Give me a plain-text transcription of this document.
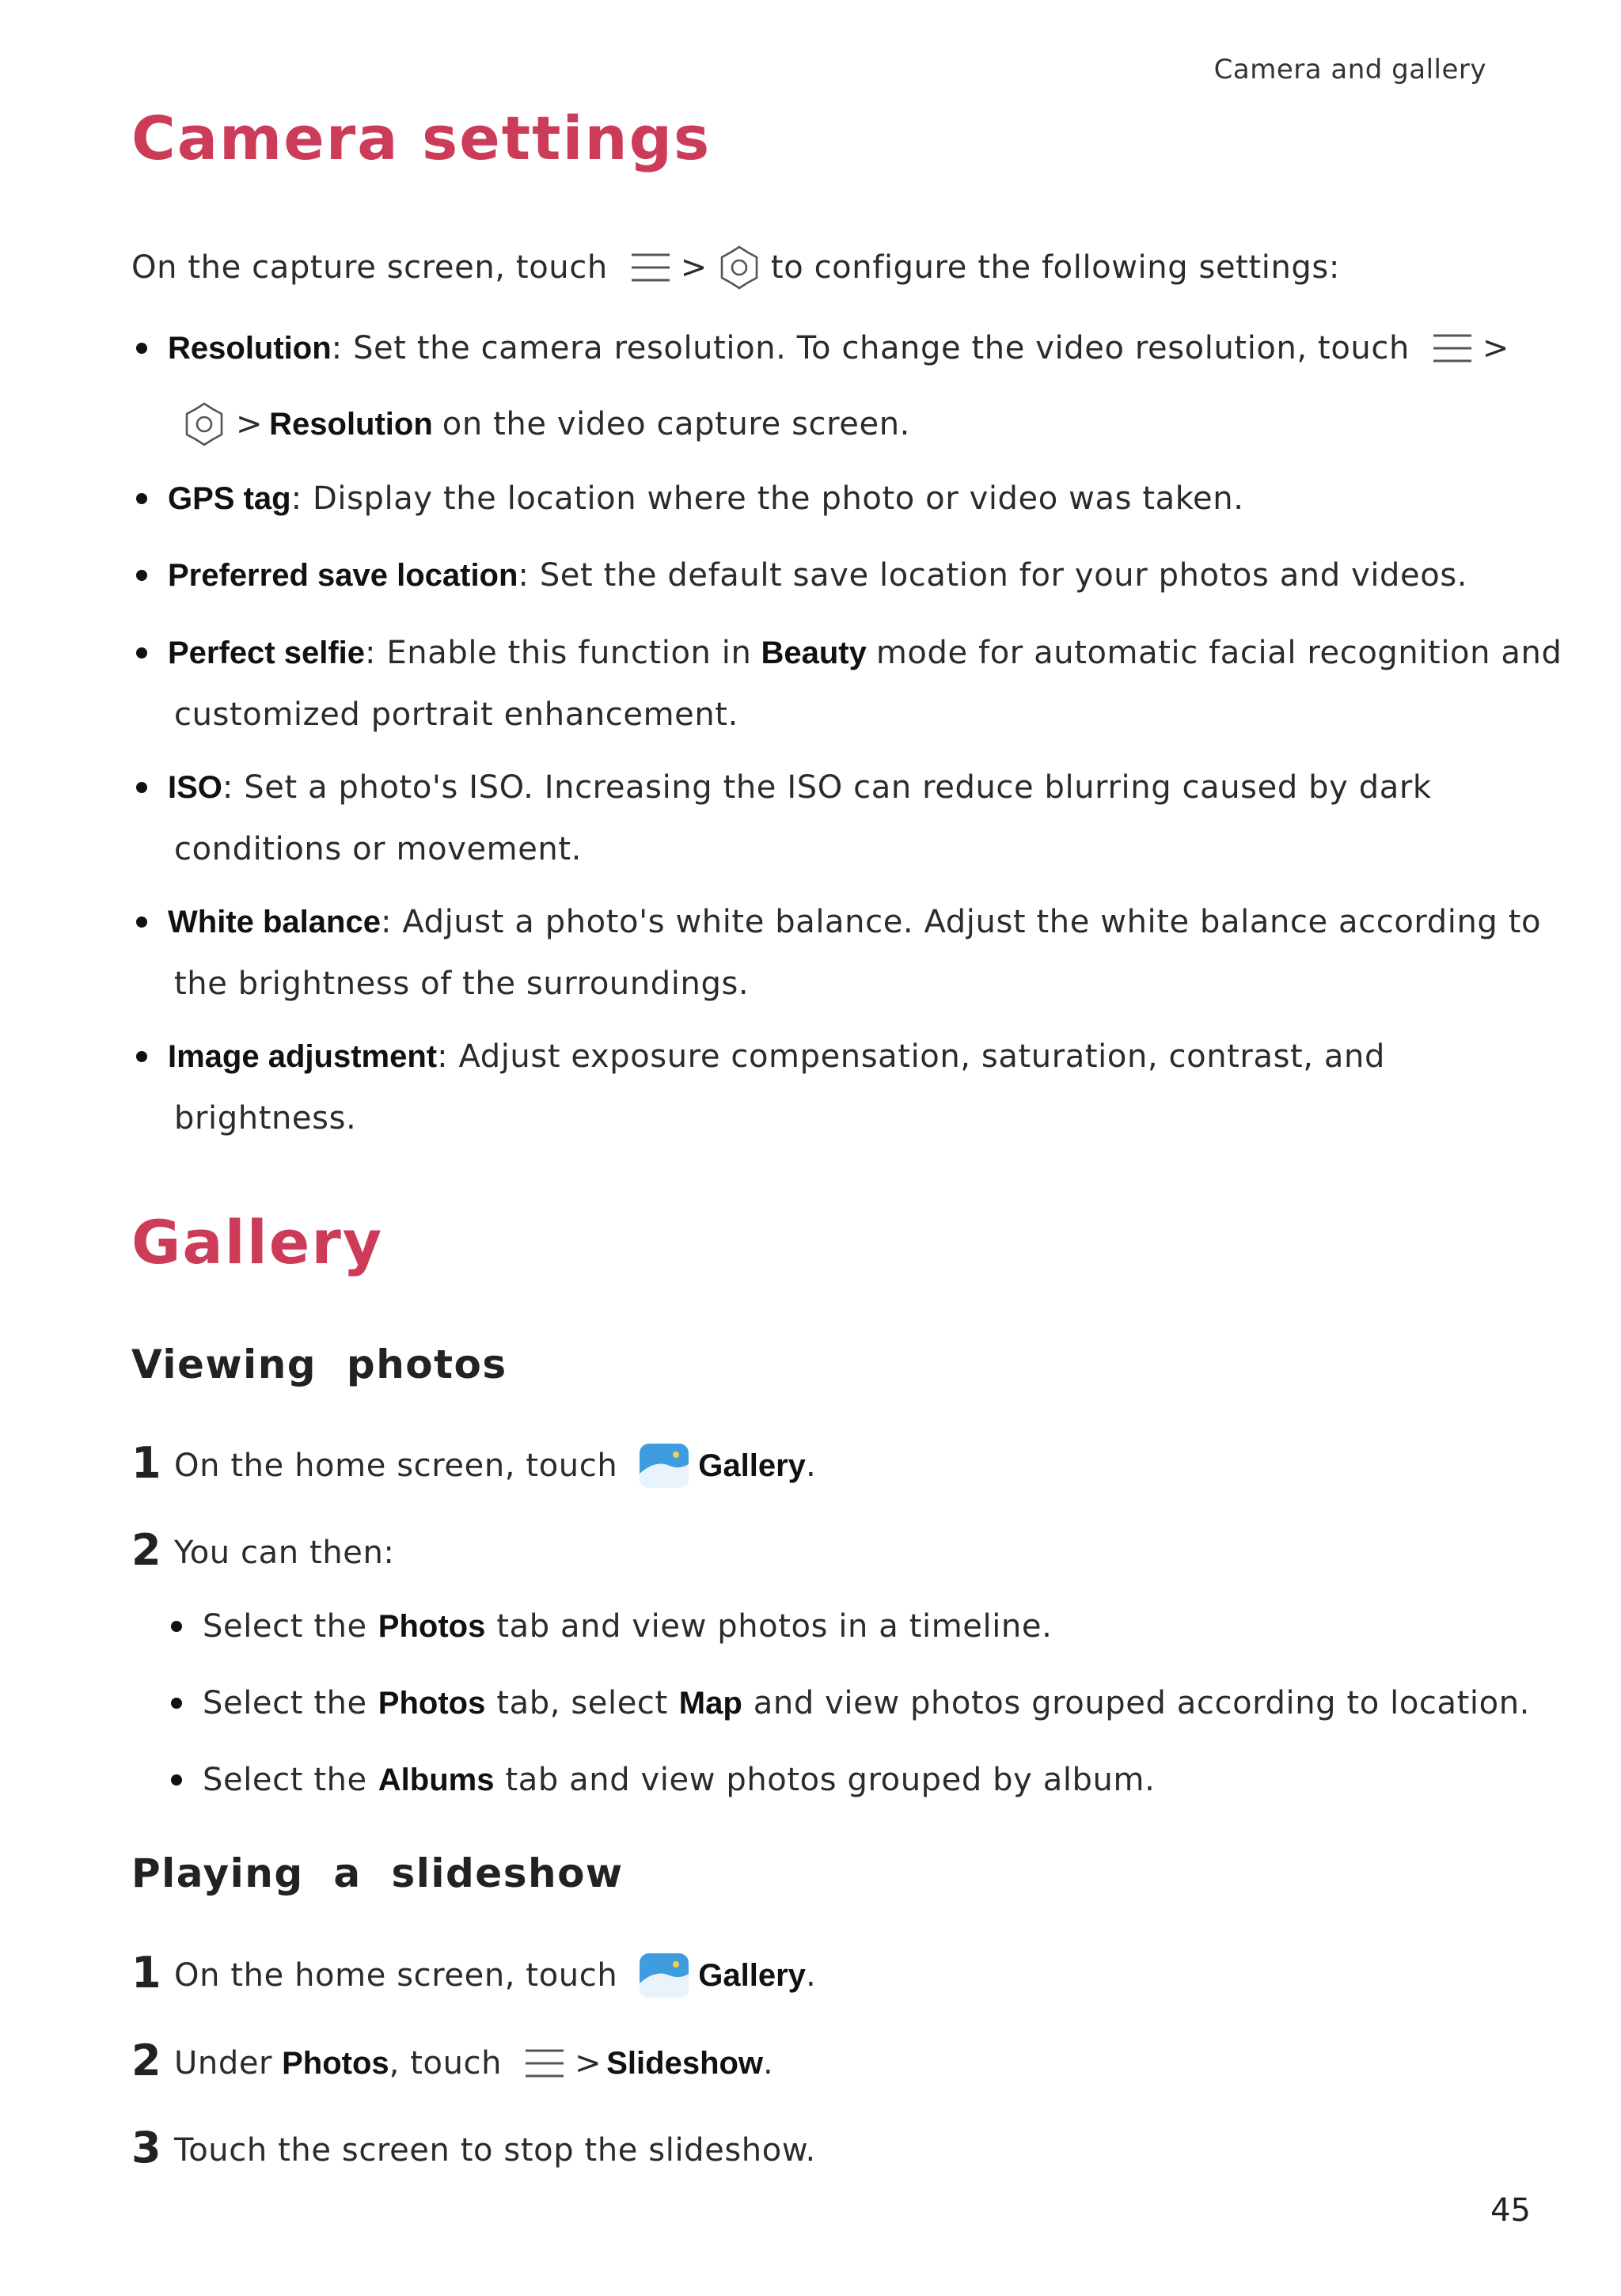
Camera and gallery
Camera settings
On the capture screen, touch > to configure the following settings:
Resolution : Set the camera resolution. To change the video resolution, touch >
> Resolution on the video capture screen.
GPS tag : Display the location where the photo or video was taken.
Preferred save location : Set the default save location for your photos and videos.
Perfect selfie : Enable this function in Beauty mode for automatic facial recognition and
customized portrait enhancement.
ISO : Set a photo's ISO. Increasing the ISO can reduce blurring caused by dark
conditions or movement.
White balance : Adjust a photo's white balance. Adjust the white balance according to
the brightness of the surroundings.
Image adjustment : Adjust exposure compensation, saturation, contrast, and
brightness.
Gallery
Viewing  photos
1 On the home screen, touch	Gallery .
2 You can then:
Select the Photos tab and view photos in a timeline.
Select the Photos tab, select Map and view photos grouped according to location.
Select the Albums tab and view photos grouped by album.
Playing  a  slideshow
1 On the home screen, touch	Gallery .
2 Under Photos , touch > Slideshow .
3 Touch the screen to stop the slideshow.
45
